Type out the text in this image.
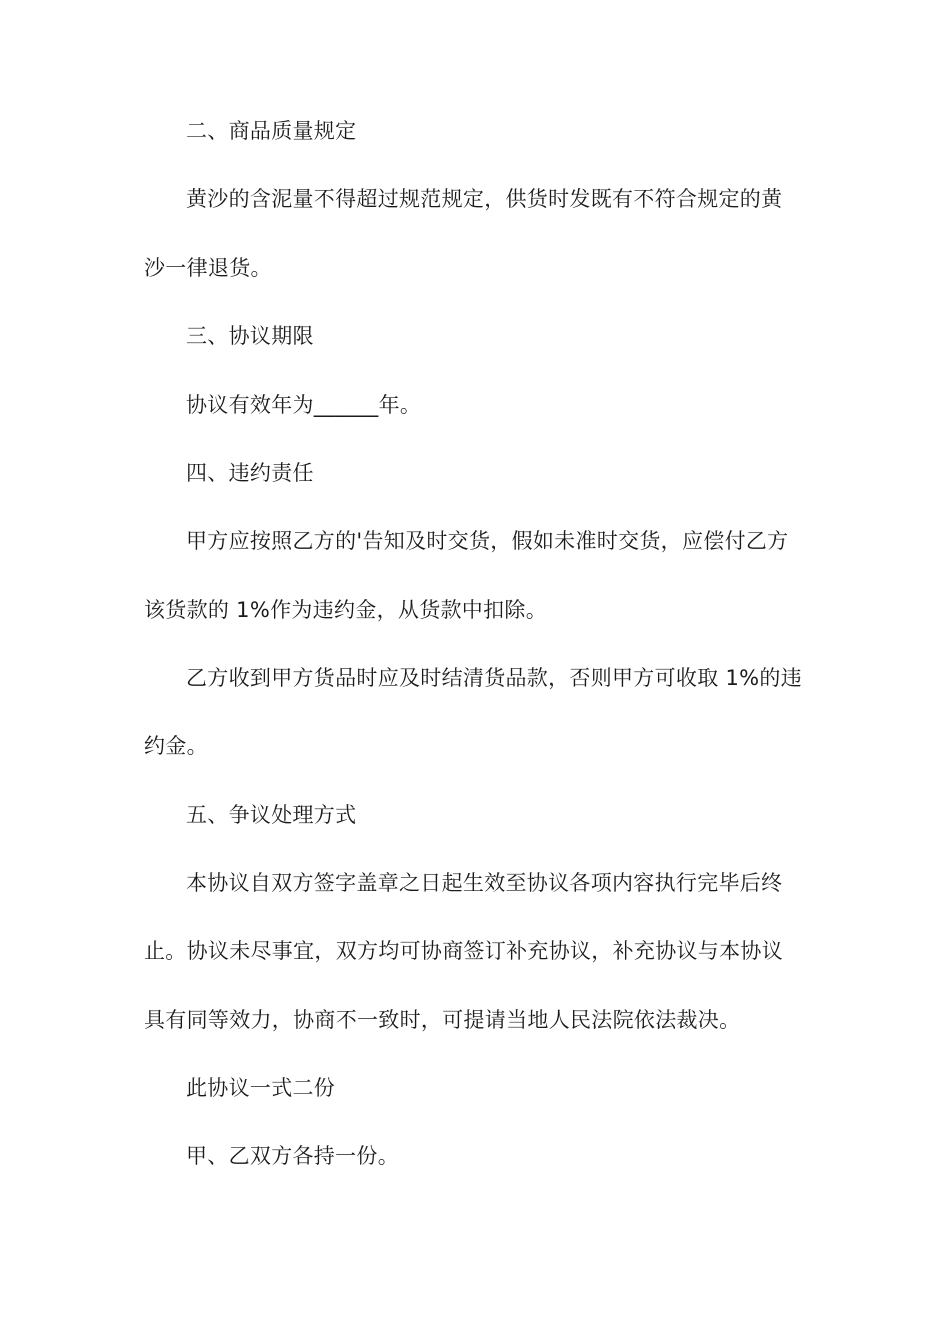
二、商品质量规定
黄沙的含泥量不得超过规范规定，供货时发既有不符合规定的黄
沙一律退货。
三、协议期限
协议有效年为______年。
四、违约责任
甲方应按照乙方的'告知及时交货，假如未准时交货，应偿付乙方
该货款的 1%作为违约金，从货款中扣除。
乙方收到甲方货品时应及时结清货品款，否则甲方可收取 1%的违
约金。
五、争议处理方式
本协议自双方签字盖章之日起生效至协议各项内容执行完毕后终
止。协议未尽事宜，双方均可协商签订补充协议，补充协议与本协议
具有同等效力，协商不一致时，可提请当地人民法院依法裁决。
此协议一式二份
甲、乙双方各持一份。
